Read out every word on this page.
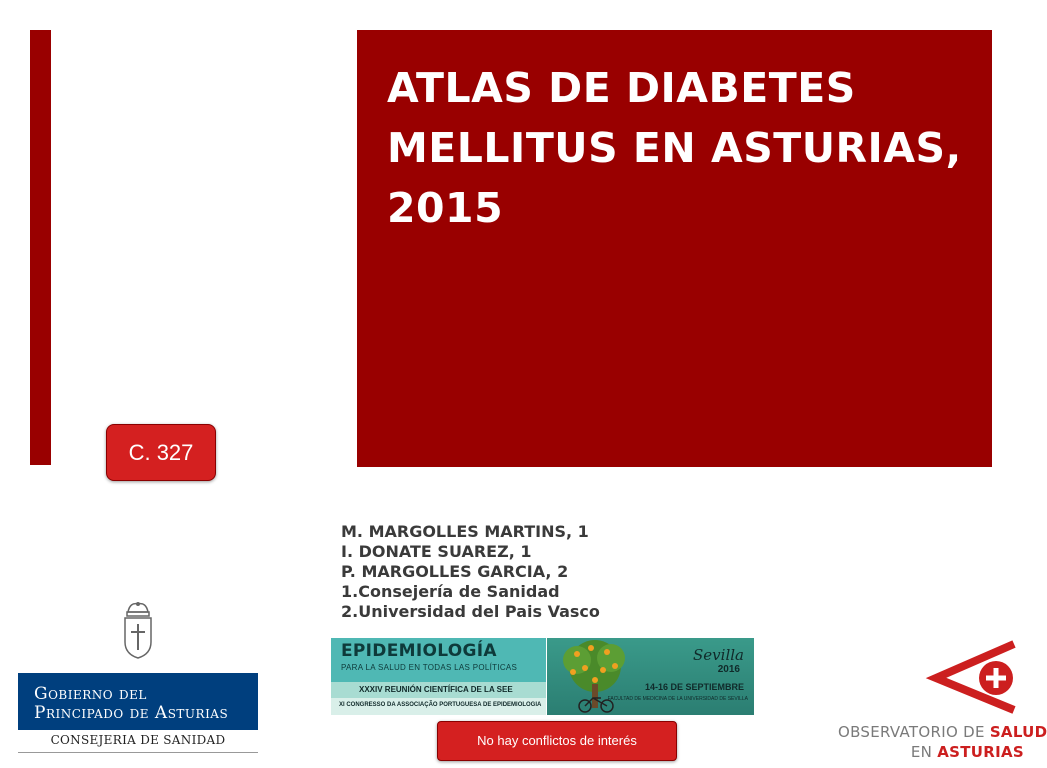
ATLAS DE DIABETES MELLITUS EN ASTURIAS, 2015
C. 327
M. MARGOLLES MARTINS, 1
I. DONATE SUAREZ, 1
P. MARGOLLES GARCIA, 2
1.Consejería de Sanidad
2.Universidad del Pais Vasco
Gobierno del
Principado de Asturias
CONSEJERIA DE SANIDAD
EPIDEMIOLOGÍA
PARA LA SALUD EN TODAS LAS POLÍTICAS
XXXIV REUNIÓN CIENTÍFICA DE LA SEE
XI CONGRESSO DA ASSOCIAÇÃO PORTUGUESA DE EPIDEMIOLOGIA
Sevilla
2016
14-16 DE SEPTIEMBRE
FACULTAD DE MEDICINA DE LA UNIVERSIDAD DE SEVILLA
No hay conflictos de interés	OBSERVATORIO DE SALUD
EN ASTURIAS
